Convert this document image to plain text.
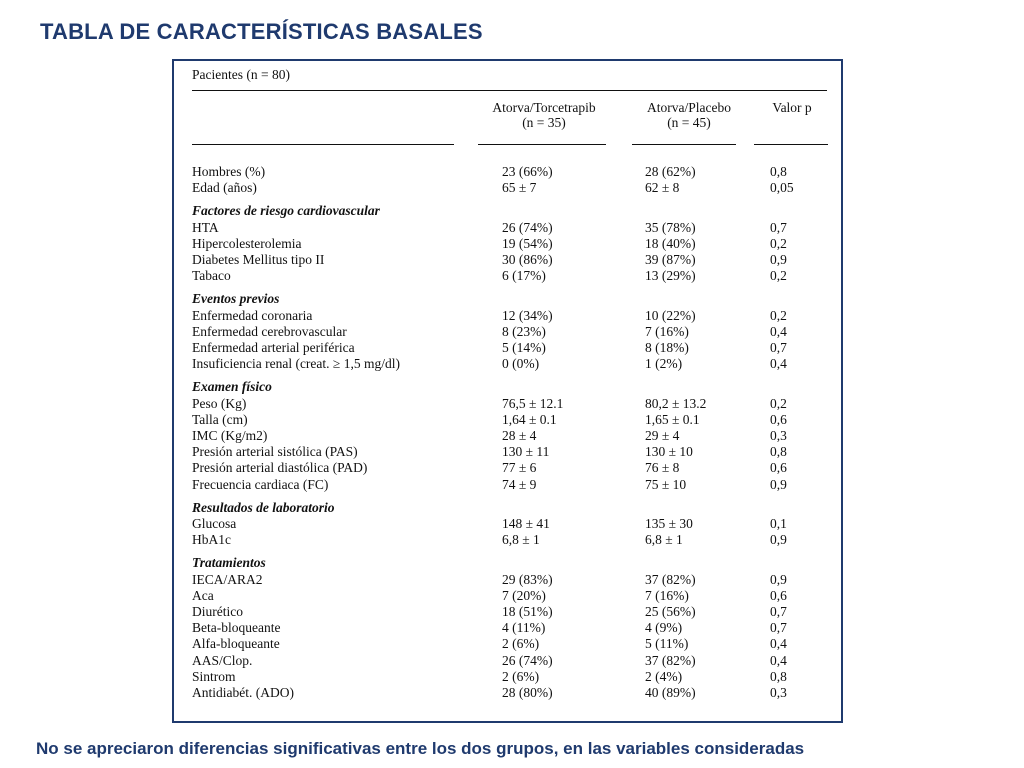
TABLA DE CARACTERÍSTICAS BASALES
Pacientes (n = 80)
Atorva/Torcetrapib
(n = 35)
Atorva/Placebo
(n = 45)
Valor p
Hombres (%)	23 (66%)	28 (62%)	0,8
Edad (años)	65 ± 7	62 ± 8	0,05
Factores de riesgo cardiovascular
HTA	26 (74%)	35 (78%)	0,7
Hipercolesterolemia	19 (54%)	18 (40%)	0,2
Diabetes Mellitus tipo II	30 (86%)	39 (87%)	0,9
Tabaco	6 (17%)	13 (29%)	0,2
Eventos previos
Enfermedad coronaria	12 (34%)	10 (22%)	0,2
Enfermedad cerebrovascular	8 (23%)	7 (16%)	0,4
Enfermedad arterial periférica	5 (14%)	8 (18%)	0,7
Insuficiencia renal (creat. ≥ 1,5 mg/dl)	0 (0%)	1 (2%)	0,4
Examen físico
Peso (Kg)	76,5 ± 12.1	80,2 ± 13.2	0,2
Talla (cm)	1,64 ± 0.1	1,65 ± 0.1	0,6
IMC (Kg/m2)	28 ± 4	29 ± 4	0,3
Presión arterial sistólica (PAS)	130 ± 11	130 ± 10	0,8
Presión arterial diastólica (PAD)	77 ± 6	76 ± 8	0,6
Frecuencia cardiaca (FC)	74 ± 9	75 ± 10	0,9
Resultados de laboratorio
Glucosa	148 ± 41	135 ± 30	0,1
HbA1c	6,8 ± 1	6,8 ± 1	0,9
Tratamientos
IECA/ARA2	29 (83%)	37 (82%)	0,9
Aca	7 (20%)	7 (16%)	0,6
Diurético	18 (51%)	25 (56%)	0,7
Beta-bloqueante	4 (11%)	4 (9%)	0,7
Alfa-bloqueante	2 (6%)	5 (11%)	0,4
AAS/Clop.	26 (74%)	37 (82%)	0,4
Sintrom	2 (6%)	2 (4%)	0,8
Antidiabét. (ADO)	28 (80%)	40 (89%)	0,3
No se apreciaron diferencias significativas entre los dos grupos, en las variables consideradas
